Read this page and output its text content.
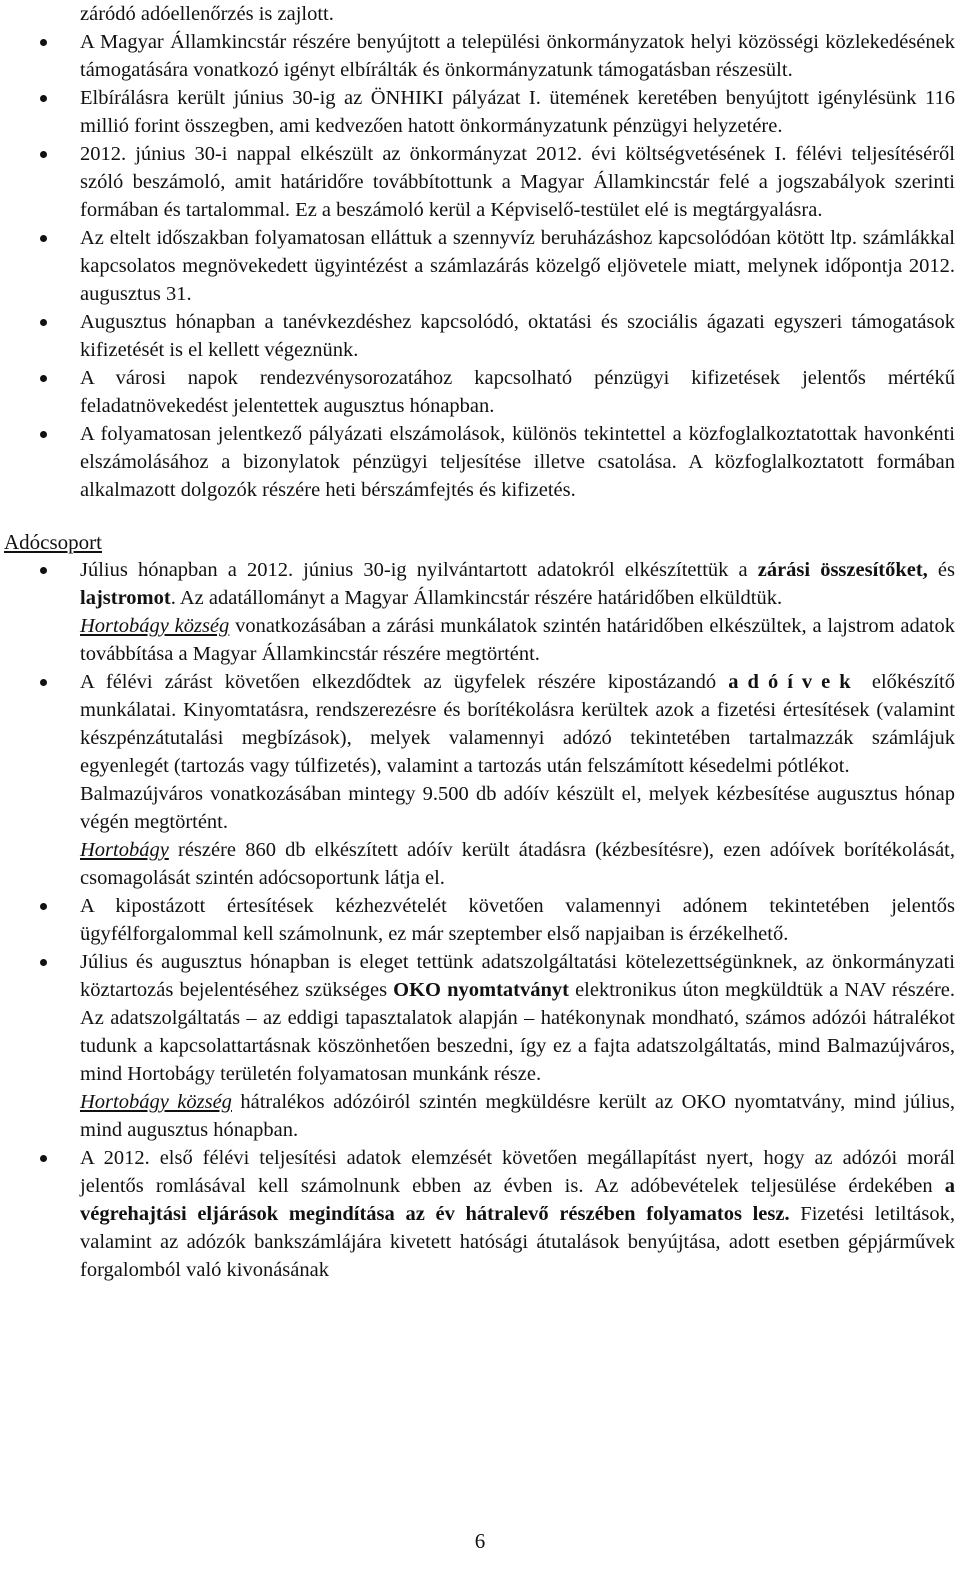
záródó adóellenőrzés is zajlott.

A Magyar Államkincstár részére benyújtott a települési önkormányzatok helyi közösségi közlekedésének támogatására vonatkozó igényt elbírálták és önkormányzatunk támogatásban részesült.

Elbírálásra került június 30-ig az ÖNHIKI pályázat I. ütemének keretében benyújtott igénylésünk 116 millió forint összegben, ami kedvezően hatott önkormányzatunk pénzügyi helyzetére.

2012. június 30-i nappal elkészült az önkormányzat 2012. évi költségvetésének I. félévi teljesítéséről szóló beszámoló, amit határidőre továbbítottunk a Magyar Államkincstár felé a jogszabályok szerinti formában és tartalommal. Ez a beszámoló kerül a Képviselő-testület elé is megtárgyalásra.

Az eltelt időszakban folyamatosan elláttuk a szennyvíz beruházáshoz kapcsolódóan kötött ltp. számlákkal kapcsolatos megnövekedett ügyintézést a számlazárás közelgő eljövetele miatt, melynek időpontja 2012. augusztus 31.

Augusztus hónapban a tanévkezdéshez kapcsolódó, oktatási és szociális ágazati egyszeri támogatások kifizetését is el kellett végeznünk.

A városi napok rendezvénysorozatához kapcsolható pénzügyi kifizetések jelentős mértékű feladatnövekedést jelentettek augusztus hónapban.

A folyamatosan jelentkező pályázati elszámolások, különös tekintettel a közfoglalkoztatottak havonkénti elszámolásához a bizonylatok pénzügyi teljesítése illetve csatolása. A közfoglalkoztatott formában alkalmazott dolgozók részére heti bérszámfejtés és kifizetés.

Adócsoport

Július hónapban a 2012. június 30-ig nyilvántartott adatokról elkészítettük a zárási összesítőket, és lajstromot. Az adatállományt a Magyar Államkincstár részére határidőben elküldtük.

Hortobágy község vonatkozásában a zárási munkálatok szintén határidőben elkészültek, a lajstrom adatok továbbítása a Magyar Államkincstár részére megtörtént.

A félévi zárást követően elkezdődtek az ügyfelek részére kipostázandó adóívek előkészítő munkálatai. Kinyomtatásra, rendszerezésre és borítékolásra kerültek azok a fizetési értesítések (valamint készpénzátutalási megbízások), melyek valamennyi adózó tekintetében tartalmazzák számlájuk egyenlegét (tartozás vagy túlfizetés), valamint a tartozás után felszámított késedelmi pótlékot.

Balmazújváros vonatkozásában mintegy 9.500 db adóív készült el, melyek kézbesítése augusztus hónap végén megtörtént.

Hortobágy részére 860 db elkészített adóív került átadásra (kézbesítésre), ezen adóívek borítékolását, csomagolását szintén adócsoportunk látja el.

A kipostázott értesítések kézhezvételét követően valamennyi adónem tekintetében jelentős ügyfélforgalommal kell számolnunk, ez már szeptember első napjaiban is érzékelhető.

Július és augusztus hónapban is eleget tettünk adatszolgáltatási kötelezettségünknek, az önkormányzati köztartozás bejelentéséhez szükséges OKO nyomtatványt elektronikus úton megküldtük a NAV részére. Az adatszolgáltatás – az eddigi tapasztalatok alapján – hatékonynak mondható, számos adózói hátralékot tudunk a kapcsolattartásnak köszönhetően beszedni, így ez a fajta adatszolgáltatás, mind Balmazújváros, mind Hortobágy területén folyamatosan munkánk része.

Hortobágy község hátralékos adózóiról szintén megküldésre került az OKO nyomtatvány, mind július, mind augusztus hónapban.

A 2012. első félévi teljesítési adatok elemzését követően megállapítást nyert, hogy az adózói morál jelentős romlásával kell számolnunk ebben az évben is. Az adóbevételek teljesülése érdekében a végrehajtási eljárások megindítása az év hátralevő részében folyamatos lesz. Fizetési letiltások, valamint az adózók bankszámlájára kivetett hatósági átutalások benyújtása, adott esetben gépjárművek forgalomból való kivonásának

6
